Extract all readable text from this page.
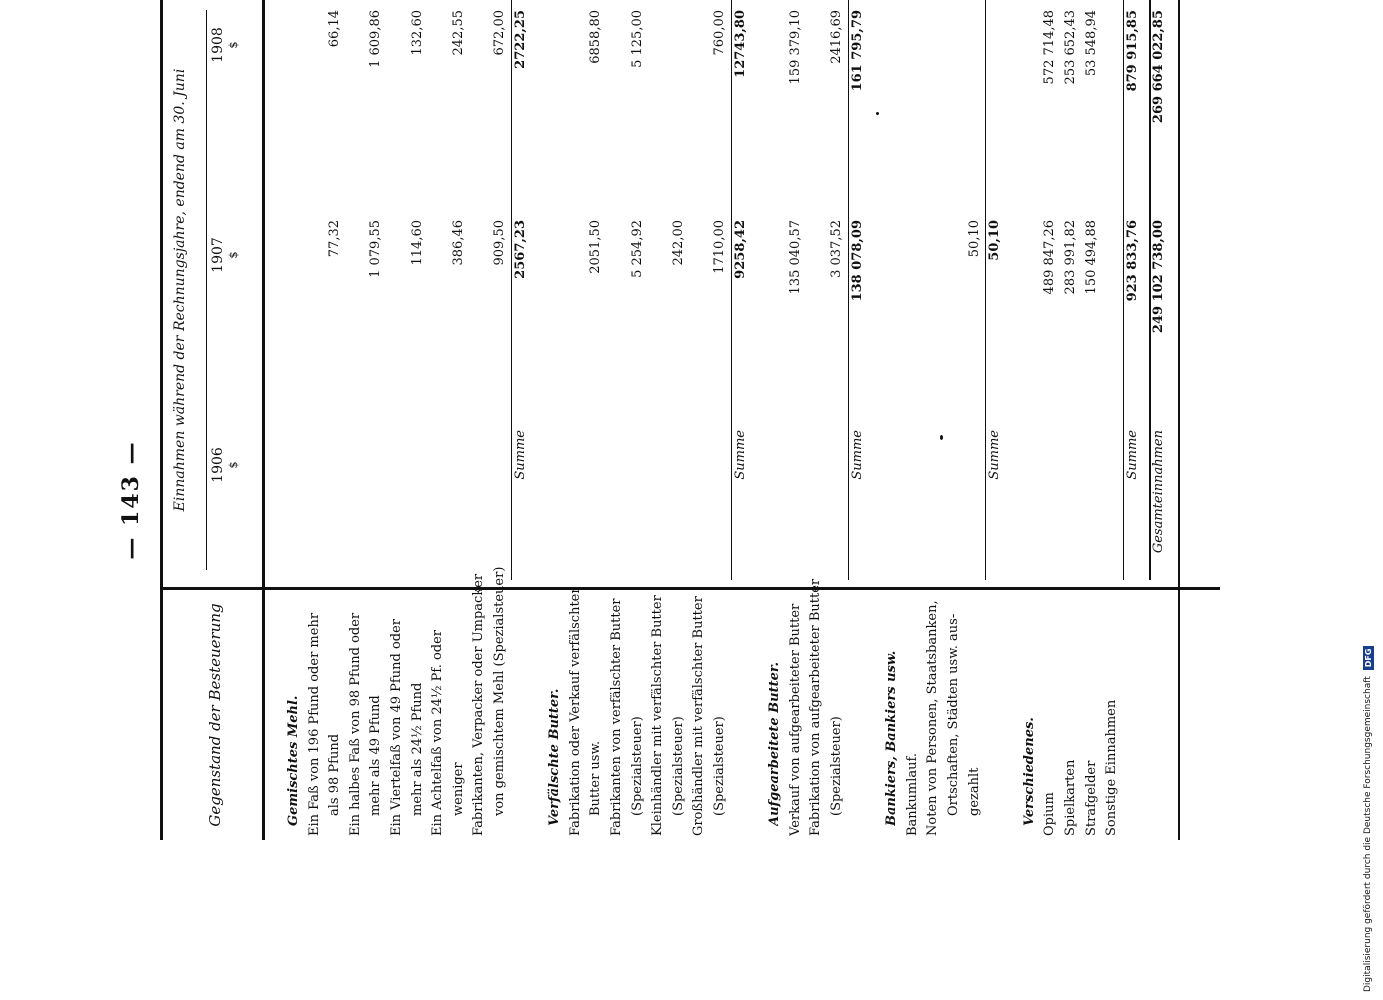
— 143 —
Gegenstand der Besteuerung
Einnahmen während der Rechnungsjahre, endend am 30. Juni 1906 $
1907 $
1908 $
Gemischtes Mehl. Ein Faß von 196 Pfund oder mehr als 98 Pfund
77,32
66,14
Ein halbes Faß von 98 Pfund oder mehr als 49 Pfund
1 079,55
1 609,86
Ein Viertelfaß von 49 Pfund oder mehr als 24½ Pfund
114,60
132,60
Ein Achtelfaß von 24½ Pf. oder weniger
386,46
242,55
Fabrikanten, Verpacker oder Umpacker von gemischtem Mehl (Spezialsteuer)
909,50
672,00
Summe
2567,23
2722,25
Verfälschte Butter. Fabrikation oder Verkauf verfälschter Butter usw.
2051,50
6858,80
Fabrikanten von verfälschter Butter (Spezialsteuer)
5 254,92
5 125,00
Kleinhändler mit verfälschter Butter (Spezialsteuer)
242,00
Großhändler mit verfälschter Butter (Spezialsteuer)
1710,00
760,00
Summe
9258,42
12743,80
Aufgearbeitete Butter. Verkauf von aufgearbeiteter Butter
135 040,57
159 379,10
Fabrikation von aufgearbeiteter Butter (Spezialsteuer)
3 037,52
2416,69
Summe
138 078,09
161 795,79
Bankiers, Bankiers usw. Bankumlauf. Noten von Personen, Staatsbanken, Ortschaften, Städten usw. aus- gezahlt
50,10
Summe
50,10
Verschiedenes. Opium
489 847,26
572 714,48
Spielkarten
283 991,82
253 652,43
Strafgelder
150 494,88
53 548,94
Sonstige Einnahmen
Summe
923 833,76
879 915,85
Gesamteinnahmen
249 102 738,00
269 664 022,85
Digitalisierung gefördert durch die Deutsche Forschungsgemeinschaft
DFG
